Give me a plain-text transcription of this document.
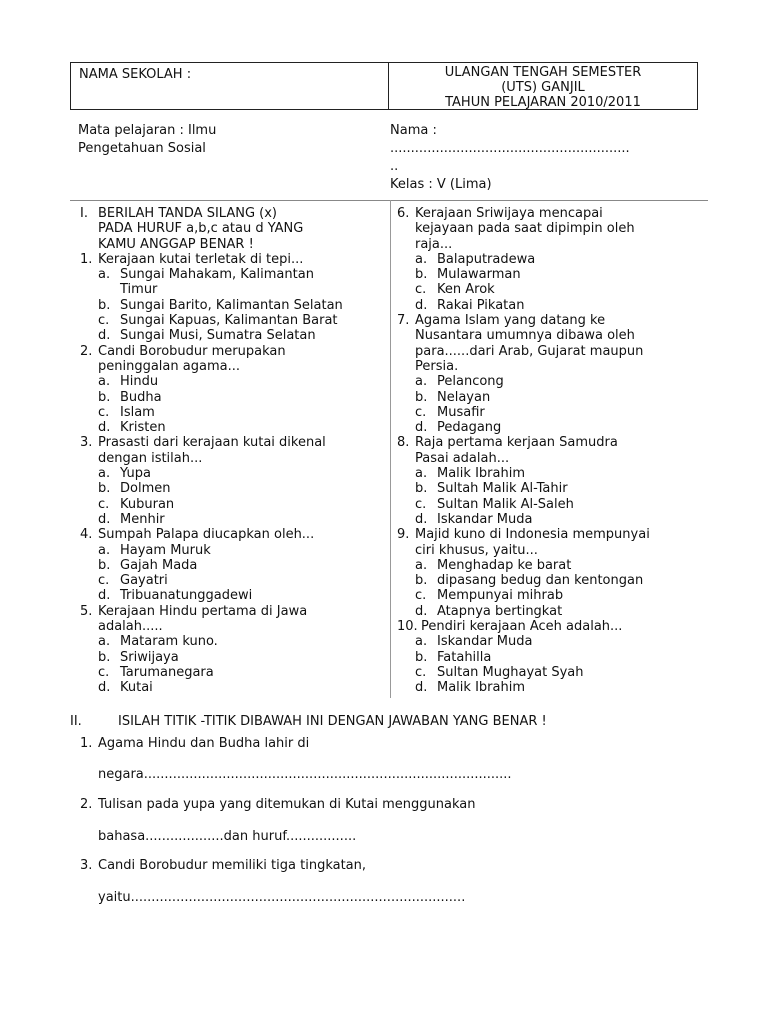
NAMA SEKOLAH :	ULANGAN TENGAH SEMESTER
(UTS) GANJIL
TAHUN PELAJARAN 2010/2011
Mata pelajaran : Ilmu
Pengetahuan Sosial
Nama :
..........................................................
..
Kelas : V (Lima)
I. BERILAH TANDA SILANG (x)
PADA HURUF a,b,c atau d YANG
KAMU ANGGAP BENAR !
1. Kerajaan kutai terletak di tepi...
a. Sungai Mahakam, Kalimantan
Timur
b. Sungai Barito, Kalimantan Selatan
c. Sungai Kapuas, Kalimantan Barat
d. Sungai Musi, Sumatra Selatan
2. Candi Borobudur merupakan
peninggalan agama...
a. Hindu
b. Budha
c. Islam
d. Kristen
3. Prasasti dari kerajaan kutai dikenal
dengan istilah...
a. Yupa
b. Dolmen
c. Kuburan
d. Menhir
4. Sumpah Palapa diucapkan oleh...
a. Hayam Muruk
b. Gajah Mada
c. Gayatri
d. Tribuanatunggadewi
5. Kerajaan Hindu pertama di Jawa
adalah.....
a. Mataram kuno.
b. Sriwijaya
c. Tarumanegara
d. Kutai
6. Kerajaan Sriwijaya mencapai
kejayaan pada saat dipimpin oleh
raja...
a. Balaputradewa
b. Mulawarman
c. Ken Arok
d. Rakai Pikatan
7. Agama Islam yang datang ke
Nusantara umumnya dibawa oleh
para......dari Arab, Gujarat maupun
Persia.
a. Pelancong
b. Nelayan
c. Musafir
d. Pedagang
8. Raja pertama kerjaan Samudra
Pasai adalah...
a. Malik Ibrahim
b. Sultah Malik Al-Tahir
c. Sultan Malik Al-Saleh
d. Iskandar Muda
9. Majid kuno di Indonesia mempunyai
ciri khusus, yaitu...
a. Menghadap ke barat
b. dipasang bedug dan kentongan
c. Mempunyai mihrab
d. Atapnya bertingkat
10. Pendiri kerajaan Aceh adalah...
a. Iskandar Muda
b. Fatahilla
c. Sultan Mughayat Syah
d. Malik Ibrahim
II.	ISILAH TITIK -TITIK DIBAWAH INI DENGAN JAWABAN YANG BENAR !
1. Agama Hindu dan Budha lahir di
negara.........................................................................................
2. Tulisan pada yupa yang ditemukan di Kutai menggunakan
bahasa...................dan huruf.................
3. Candi Borobudur memiliki tiga tingkatan,
yaitu.................................................................................
